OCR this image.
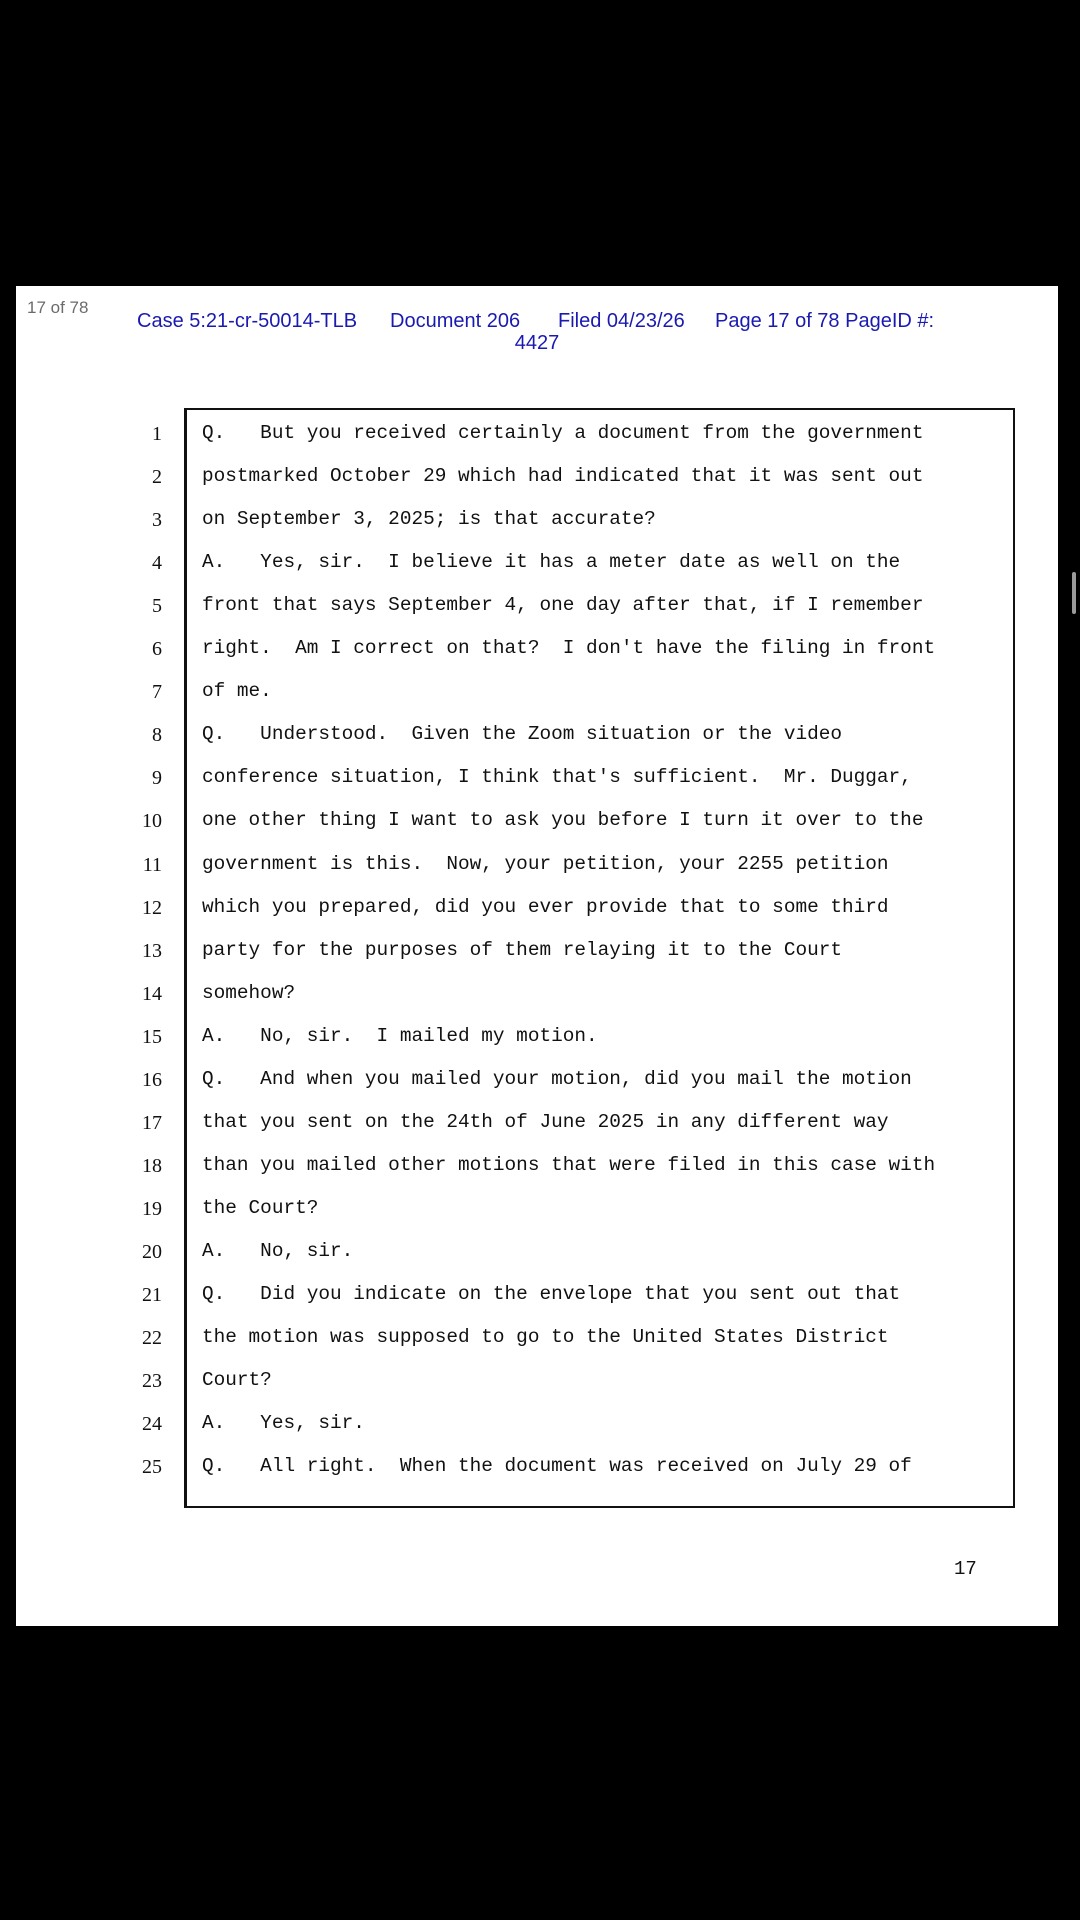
17 of 78
Case 5:21-cr-50014-TLB Document 206 Filed 04/23/26 Page 17 of 78 PageID #:
4427
1 Q.   But you received certainly a document from the government
2 postmarked October 29 which had indicated that it was sent out
3 on September 3, 2025; is that accurate?
4 A.   Yes, sir.  I believe it has a meter date as well on the
5 front that says September 4, one day after that, if I remember
6 right.  Am I correct on that?  I don't have the filing in front
7 of me.
8 Q.   Understood.  Given the Zoom situation or the video
9 conference situation, I think that's sufficient.  Mr. Duggar,
10 one other thing I want to ask you before I turn it over to the
11 government is this.  Now, your petition, your 2255 petition
12 which you prepared, did you ever provide that to some third
13 party for the purposes of them relaying it to the Court
14 somehow?
15 A.   No, sir.  I mailed my motion.
16 Q.   And when you mailed your motion, did you mail the motion
17 that you sent on the 24th of June 2025 in any different way
18 than you mailed other motions that were filed in this case with
19 the Court?
20 A.   No, sir.
21 Q.   Did you indicate on the envelope that you sent out that
22 the motion was supposed to go to the United States District
23 Court?
24 A.   Yes, sir.
25 Q.   All right.  When the document was received on July 29 of
17
